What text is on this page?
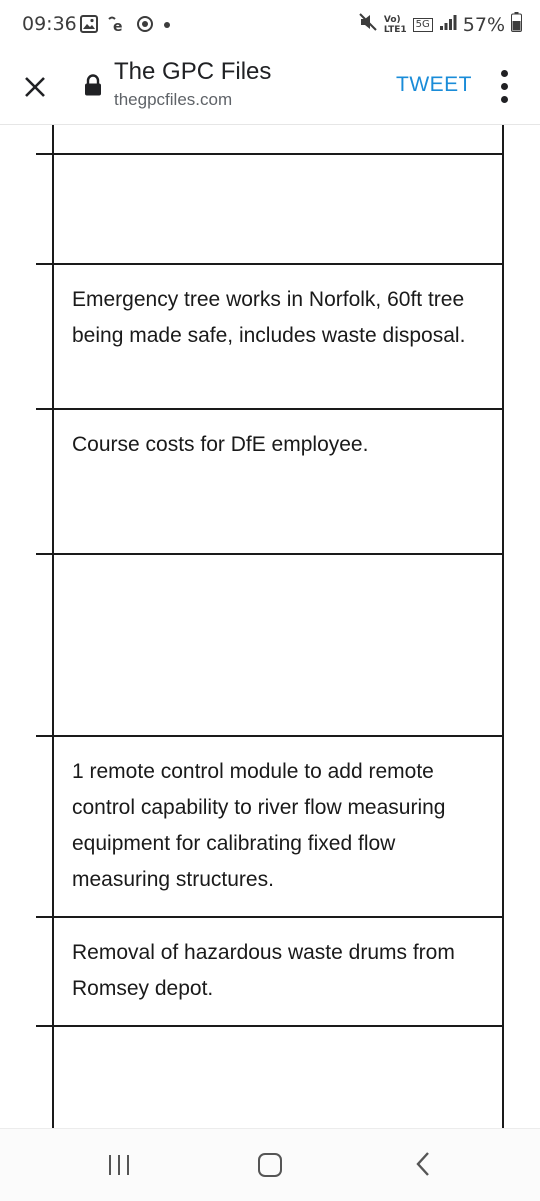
09:36	e	Vo)
LTE1 5G 57%
The GPC Files
thegpcfiles.com
TWEET
Emergency tree works in Norfolk, 60ft tree being made safe, includes waste disposal.
Course costs for DfE employee.
1 remote control module to add remote control capability to river flow measuring equipment for calibrating fixed flow measuring structures.
Removal of hazardous waste drums from Romsey depot.
